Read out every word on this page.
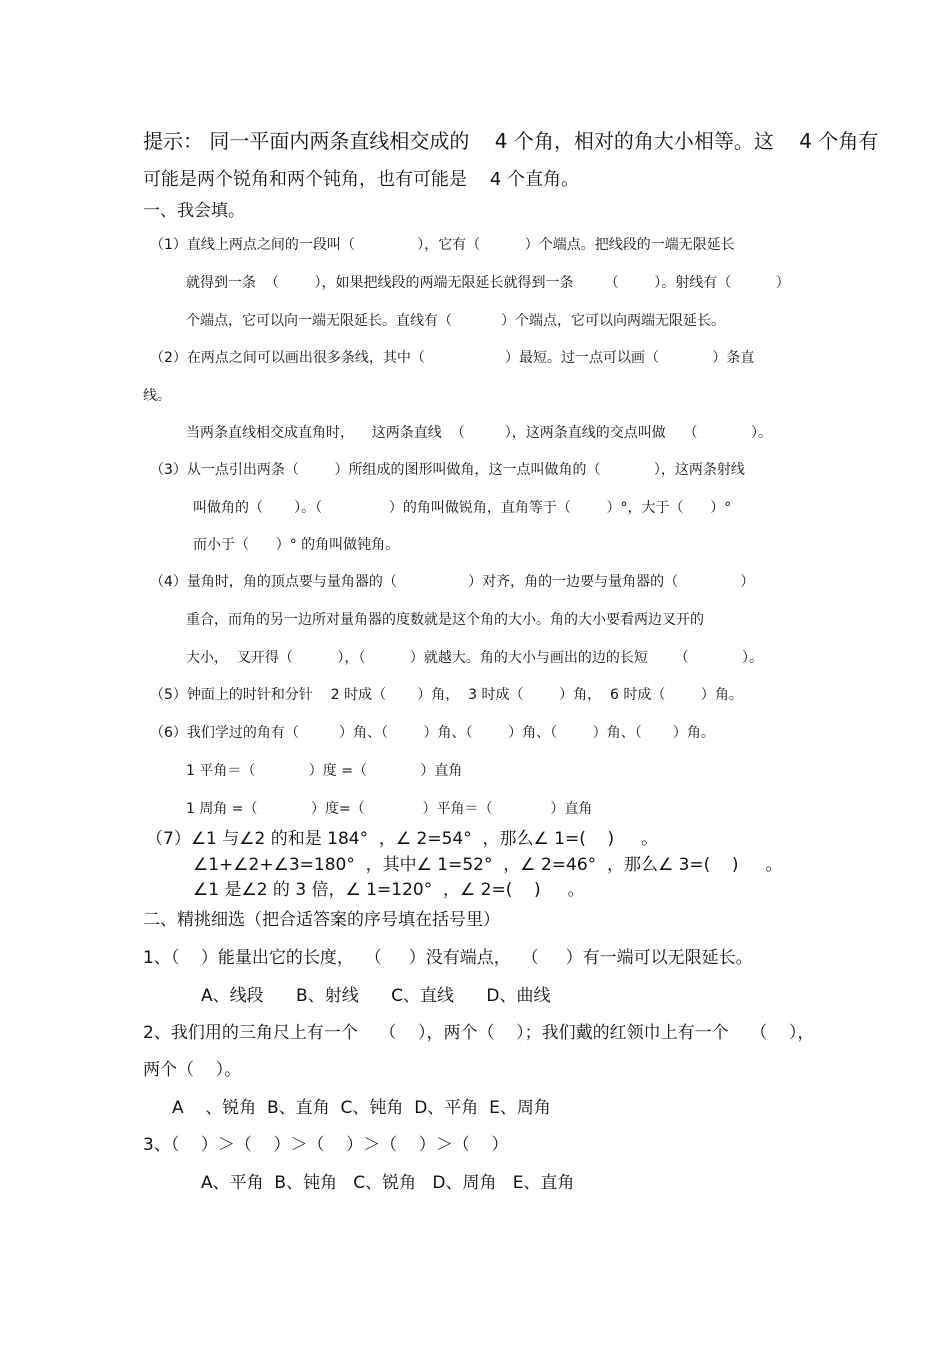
提示： 同一平面内两条直线相交成的    4 个角，相对的角大小相等。这    4 个角有
可能是两个锐角和两个钝角，也有可能是    4 个直角。
一、我会填。
（1）直线上两点之间的一段叫（              ），它有（          ）个端点。把线段的一端无限延长
就得到一条  （        ），如果把线段的两端无限延长就得到一条       （        ）。射线有（          ）
个端点，它可以向一端无限延长。直线有（           ）个端点，它可以向两端无限延长。
（2）在两点之间可以画出很多条线，其中（                  ）最短。过一点可以画（            ）条直
线。
当两条直线相交成直角时，    这两条直线  （         ），这两条直线的交点叫做    （            ）。
（3）从一点引出两条（        ）所组成的图形叫做角，这一点叫做角的（            ），这两条射线
叫做角的（       ）。（               ）的角叫做锐角，直角等于（        ）°，大于（      ）°
而小于（      ）° 的角叫做钝角。
（4）量角时，角的顶点要与量角器的（                ）对齐，角的一边要与量角器的（              ）
重合，而角的另一边所对量角器的度数就是这个角的大小。角的大小要看两边叉开的
大小，  叉开得（          ），（          ）就越大。角的大小与画出的边的长短      （            ）。
（5）钟面上的时针和分针    2 时成（       ）角，  3 时成（        ）角，  6 时成（        ）角。
（6）我们学过的角有（         ）角、（        ）角、（        ）角、（        ）角、（       ）角。
1 平角＝（            ）度 =（            ）直角
1 周角 =（            ）度=（             ）平角＝（             ）直角
（7）∠1 与∠2 的和是 184°  ，∠ 2=54°  ，那么∠ 1=(    )     。
∠1+∠2+∠3=180°  ，其中∠ 1=52°  ，∠ 2=46°  ，那么∠ 3=(    )     。
∠1 是∠2 的 3 倍，∠ 1=120°  ，∠ 2=(    )     。
二、精挑细选（把合适答案的序号填在括号里）
1、（    ）能量出它的长度，  （     ）没有端点，  （     ）有一端可以无限延长。
A、线段      B、射线      C、直线      D、曲线
2、我们用的三角尺上有一个    （    ），两个（    ）；我们戴的红领巾上有一个    （    ），
两个（    ）。
A    、锐角  B、直角  C、钝角  D、平角  E、周角
3、（    ）＞（    ）＞（    ）＞（    ）＞（    ）
A、平角  B、钝角   C、锐角   D、周角   E、直角
